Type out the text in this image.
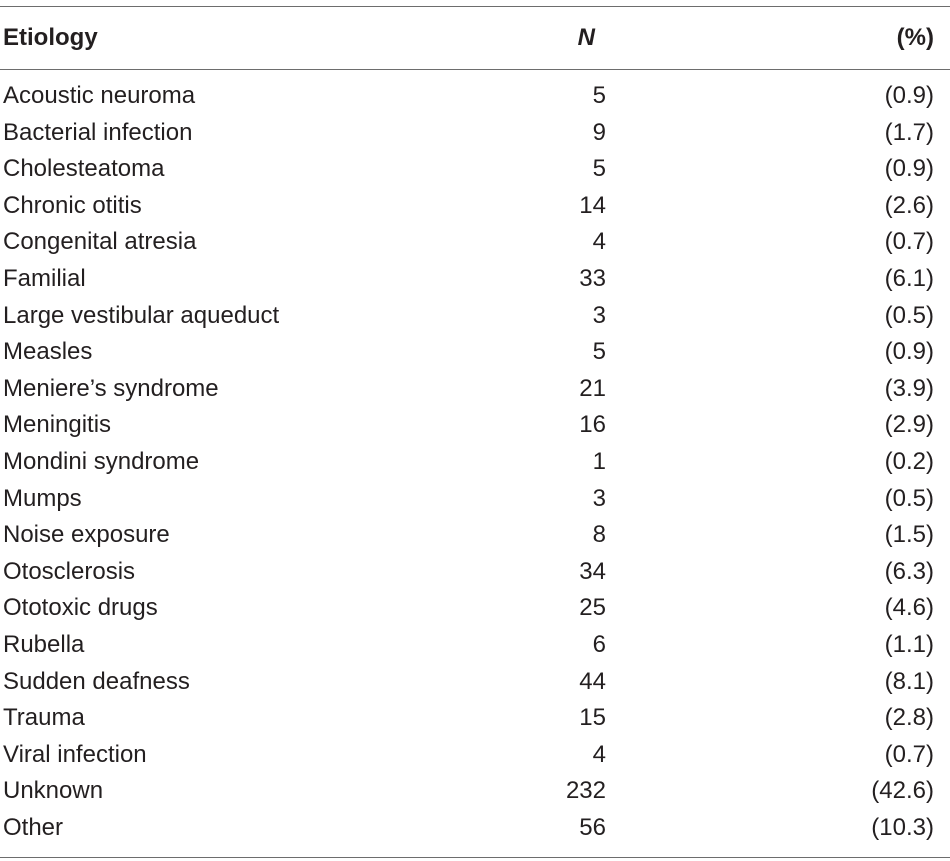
Etiology	N	(%)
Acoustic neuroma	5	(0.9)
Bacterial infection	9	(1.7)
Cholesteatoma	5	(0.9)
Chronic otitis	14	(2.6)
Congenital atresia	4	(0.7)
Familial	33	(6.1)
Large vestibular aqueduct	3	(0.5)
Measles	5	(0.9)
Meniere’s syndrome	21	(3.9)
Meningitis	16	(2.9)
Mondini syndrome	1	(0.2)
Mumps	3	(0.5)
Noise exposure	8	(1.5)
Otosclerosis	34	(6.3)
Ototoxic drugs	25	(4.6)
Rubella	6	(1.1)
Sudden deafness	44	(8.1)
Trauma	15	(2.8)
Viral infection	4	(0.7)
Unknown	232	(42.6)
Other	56	(10.3)
